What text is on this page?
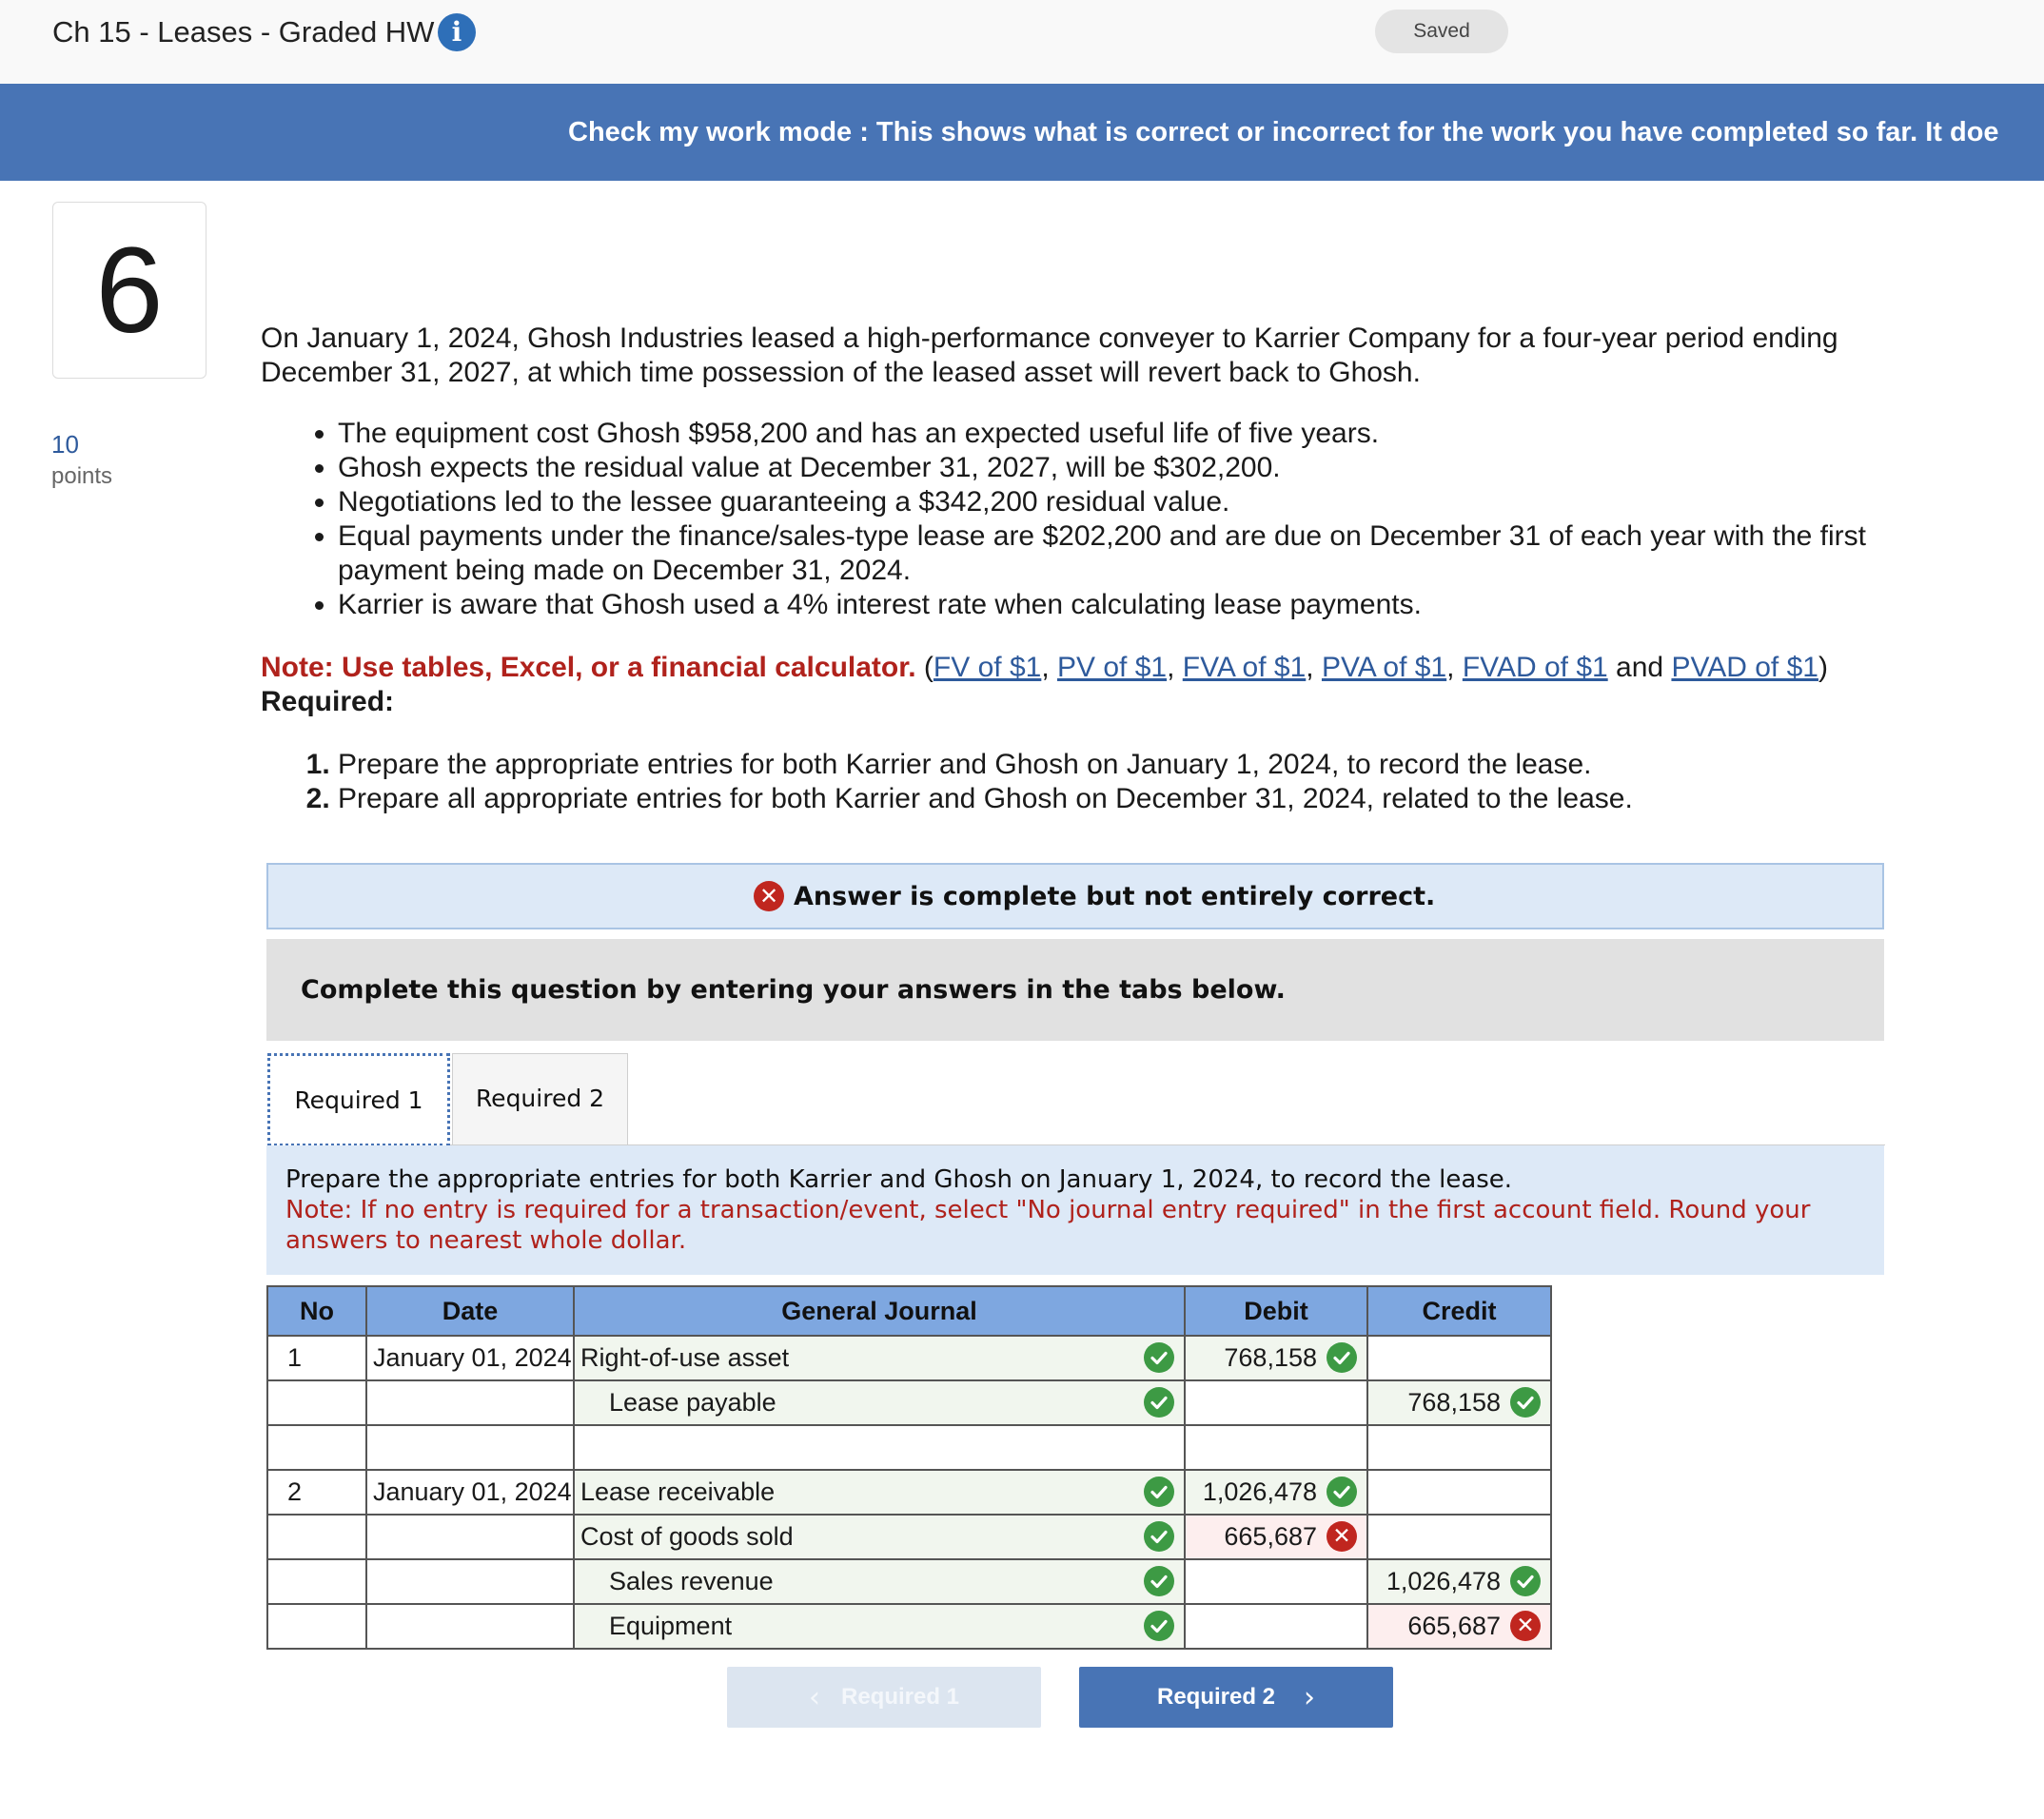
Ch 15 - Leases - Graded HW i	Saved
Check my work mode : This shows what is correct or incorrect for the work you have completed so far. It doe
6
10
points

On January 1, 2024, Ghosh Industries leased a high-performance conveyer to Karrier Company for a four-year period ending December 31, 2027, at which time possession of the leased asset will revert back to Ghosh.

• The equipment cost Ghosh $958,200 and has an expected useful life of five years.
• Ghosh expects the residual value at December 31, 2027, will be $302,200.
• Negotiations led to the lessee guaranteeing a $342,200 residual value.
• Equal payments under the finance/sales-type lease are $202,200 and are due on December 31 of each year with the first payment being made on December 31, 2024.
• Karrier is aware that Ghosh used a 4% interest rate when calculating lease payments.
Note: Use tables, Excel, or a financial calculator. (FV of $1, PV of $1, FVA of $1, PVA of $1, FVAD of $1 and PVAD of $1)
Required:
1. Prepare the appropriate entries for both Karrier and Ghosh on January 1, 2024, to record the lease.
2. Prepare all appropriate entries for both Karrier and Ghosh on December 31, 2024, related to the lease.
✕ Answer is complete but not entirely correct.
Complete this question by entering your answers in the tabs below.
Required 1	Required 2
Prepare the appropriate entries for both Karrier and Ghosh on January 1, 2024, to record the lease.
Note: If no entry is required for a transaction/event, select "No journal entry required" in the first account field. Round your answers to nearest whole dollar.
No	Date	General Journal	Debit	Credit
1	January 01, 2024	Right-of-use asset	768,158	

		Lease payable		768,158

2	January 01, 2024	Lease receivable	1,026,478	

		Cost of goods sold	665,687 ✕	

		Sales revenue		1,026,478

		Equipment		665,687 ✕
‹ Required 1	Required 2 ›
